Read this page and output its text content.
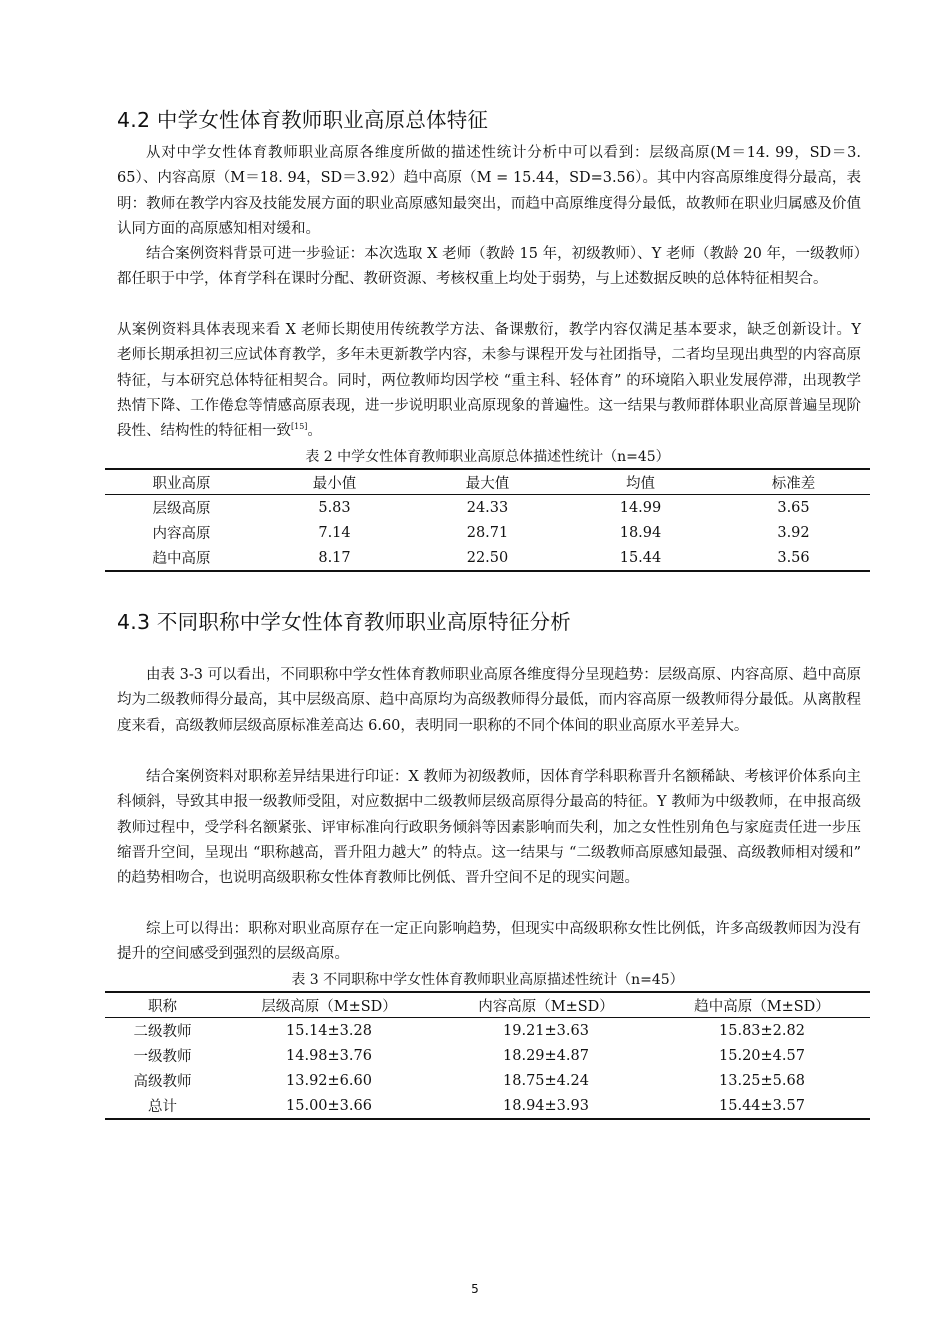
4.2 中学女性体育教师职业高原总体特征

从对中学女性体育教师职业高原各维度所做的描述性统计分析中可以看到：层级高原(M＝14. 99，SD＝3. 65）、内容高原（M＝18. 94，SD＝3.92）趋中高原（M = 15.44，SD=3.56）。其中内容高原维度得分最高，表明：教师在教学内容及技能发展方面的职业高原感知最突出，而趋中高原维度得分最低，故教师在职业归属感及价值认同方面的高原感知相对缓和。

结合案例资料背景可进一步验证：本次选取 X 老师（教龄 15 年，初级教师）、Y 老师（教龄 20 年，一级教师）都任职于中学，体育学科在课时分配、教研资源、考核权重上均处于弱势，与上述数据反映的总体特征相契合。

从案例资料具体表现来看 X 老师长期使用传统教学方法、备课敷衍，教学内容仅满足基本要求，缺乏创新设计。Y 老师长期承担初三应试体育教学，多年未更新教学内容，未参与课程开发与社团指导，二者均呈现出典型的内容高原特征，与本研究总体特征相契合。同时，两位教师均因学校 “重主科、轻体育” 的环境陷入职业发展停滞，出现教学热情下降、工作倦怠等情感高原表现，进一步说明职业高原现象的普遍性。这一结果与教师群体职业高原普遍呈现阶段性、结构性的特征相一致[15]。

表 2 中学女性体育教师职业高原总体描述性统计（n=45）

职业高原	最小值	最大值	均值	标准差
层级高原	5.83	24.33	14.99	3.65
内容高原	7.14	28.71	18.94	3.92
趋中高原	8.17	22.50	15.44	3.56
4.3 不同职称中学女性体育教师职业高原特征分析

由表 3-3 可以看出，不同职称中学女性体育教师职业高原各维度得分呈现趋势：层级高原、内容高原、趋中高原均为二级教师得分最高，其中层级高原、趋中高原均为高级教师得分最低，而内容高原一级教师得分最低。从离散程度来看，高级教师层级高原标准差高达 6.60，表明同一职称的不同个体间的职业高原水平差异大。

结合案例资料对职称差异结果进行印证：X 教师为初级教师，因体育学科职称晋升名额稀缺、考核评价体系向主科倾斜，导致其申报一级教师受阻，对应数据中二级教师层级高原得分最高的特征。Y 教师为中级教师，在申报高级教师过程中，受学科名额紧张、评审标准向行政职务倾斜等因素影响而失利，加之女性性别角色与家庭责任进一步压缩晋升空间，呈现出 “职称越高，晋升阻力越大” 的特点。这一结果与 “二级教师高原感知最强、高级教师相对缓和” 的趋势相吻合，也说明高级职称女性体育教师比例低、晋升空间不足的现实问题。

综上可以得出：职称对职业高原存在一定正向影响趋势，但现实中高级职称女性比例低，许多高级教师因为没有提升的空间感受到强烈的层级高原。

表 3 不同职称中学女性体育教师职业高原描述性统计（n=45）

职称	层级高原（M±SD）	内容高原（M±SD）	趋中高原（M±SD）
二级教师	15.14±3.28	19.21±3.63	15.83±2.82
一级教师	14.98±3.76	18.29±4.87	15.20±4.57
高级教师	13.92±6.60	18.75±4.24	13.25±5.68
总计	15.00±3.66	18.94±3.93	15.44±3.57
5
